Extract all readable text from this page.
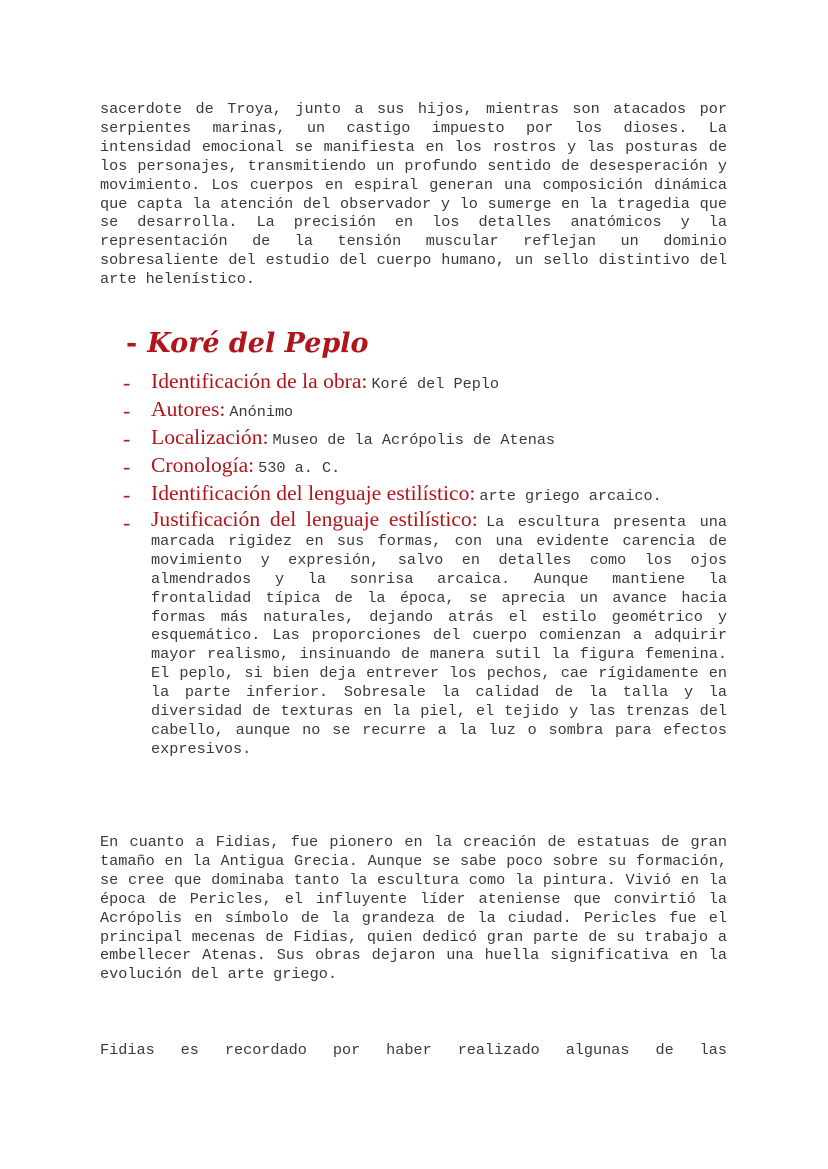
sacerdote de Troya, junto a sus hijos, mientras son atacados por serpientes marinas, un castigo impuesto por los dioses. La intensidad emocional se manifiesta en los rostros y las posturas de los personajes, transmitiendo un profundo sentido de desesperación y movimiento. Los cuerpos en espiral generan una composición dinámica que capta la atención del observador y lo sumerge en la tragedia que se desarrolla. La precisión en los detalles anatómicos y la representación de la tensión muscular reflejan un dominio sobresaliente del estudio del cuerpo humano, un sello distintivo del arte helenístico.

- Koré del Peplo
- Identificación de la obra: Koré del Peplo
- Autores: Anónimo
- Localización: Museo de la Acrópolis de Atenas
- Cronología: 530 a. C.
- Identificación del lenguaje estilístico: arte griego arcaico.
- Justificación del lenguaje estilístico: La escultura presenta una marcada rigidez en sus formas, con una evidente carencia de movimiento y expresión, salvo en detalles como los ojos almendrados y la sonrisa arcaica. Aunque mantiene la frontalidad típica de la época, se aprecia un avance hacia formas más naturales, dejando atrás el estilo geométrico y esquemático. Las proporciones del cuerpo comienzan a adquirir mayor realismo, insinuando de manera sutil la figura femenina. El peplo, si bien deja entrever los pechos, cae rígidamente en la parte inferior. Sobresale la calidad de la talla y la diversidad de texturas en la piel, el tejido y las trenzas del cabello, aunque no se recurre a la luz o sombra para efectos expresivos.

En cuanto a Fidias, fue pionero en la creación de estatuas de gran tamaño en la Antigua Grecia. Aunque se sabe poco sobre su formación, se cree que dominaba tanto la escultura como la pintura. Vivió en la época de Pericles, el influyente líder ateniense que convirtió la Acrópolis en símbolo de la grandeza de la ciudad. Pericles fue el principal mecenas de Fidias, quien dedicó gran parte de su trabajo a embellecer Atenas. Sus obras dejaron una huella significativa en la evolución del arte griego.

Fidias es recordado por haber realizado algunas de las
